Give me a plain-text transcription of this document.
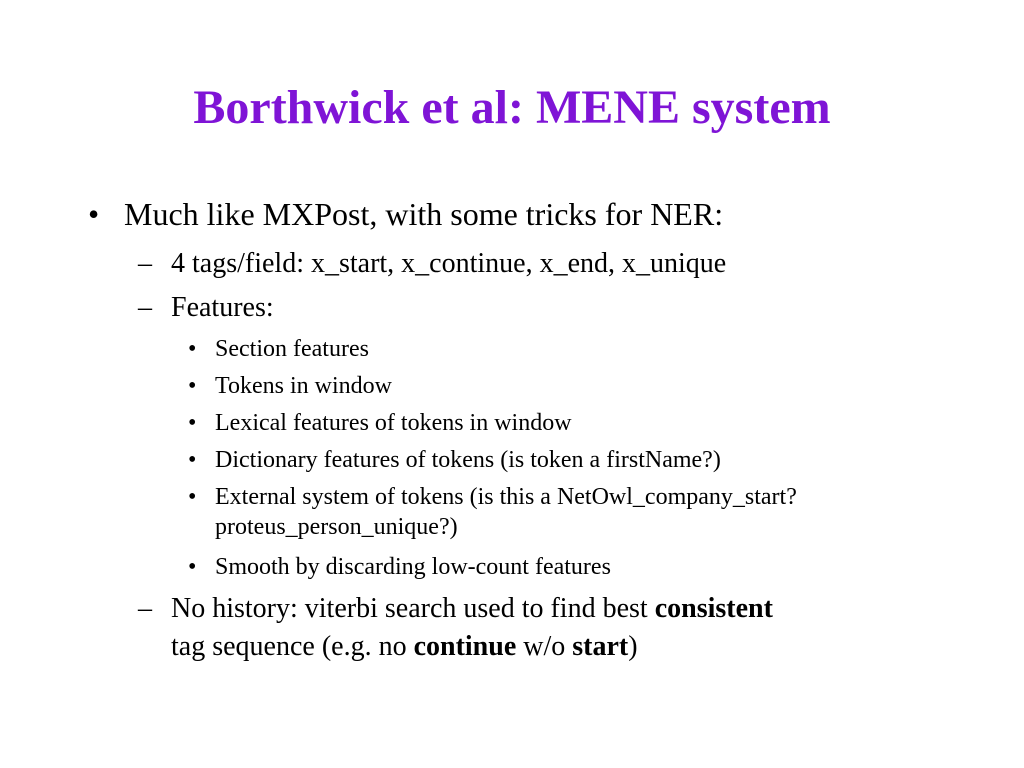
Borthwick et al: MENE system
• Much like MXPost, with some tricks for NER:
– 4 tags/field: x_start, x_continue, x_end, x_unique
– Features:
• Section features
• Tokens in window
• Lexical features of tokens in window
• Dictionary features of tokens (is token a firstName?)
• External system of tokens (is this a NetOwl_company_start?
proteus_person_unique?)
• Smooth by discarding low-count features
– No history: viterbi search used to find best consistent
tag sequence (e.g. no continue w/o start)
